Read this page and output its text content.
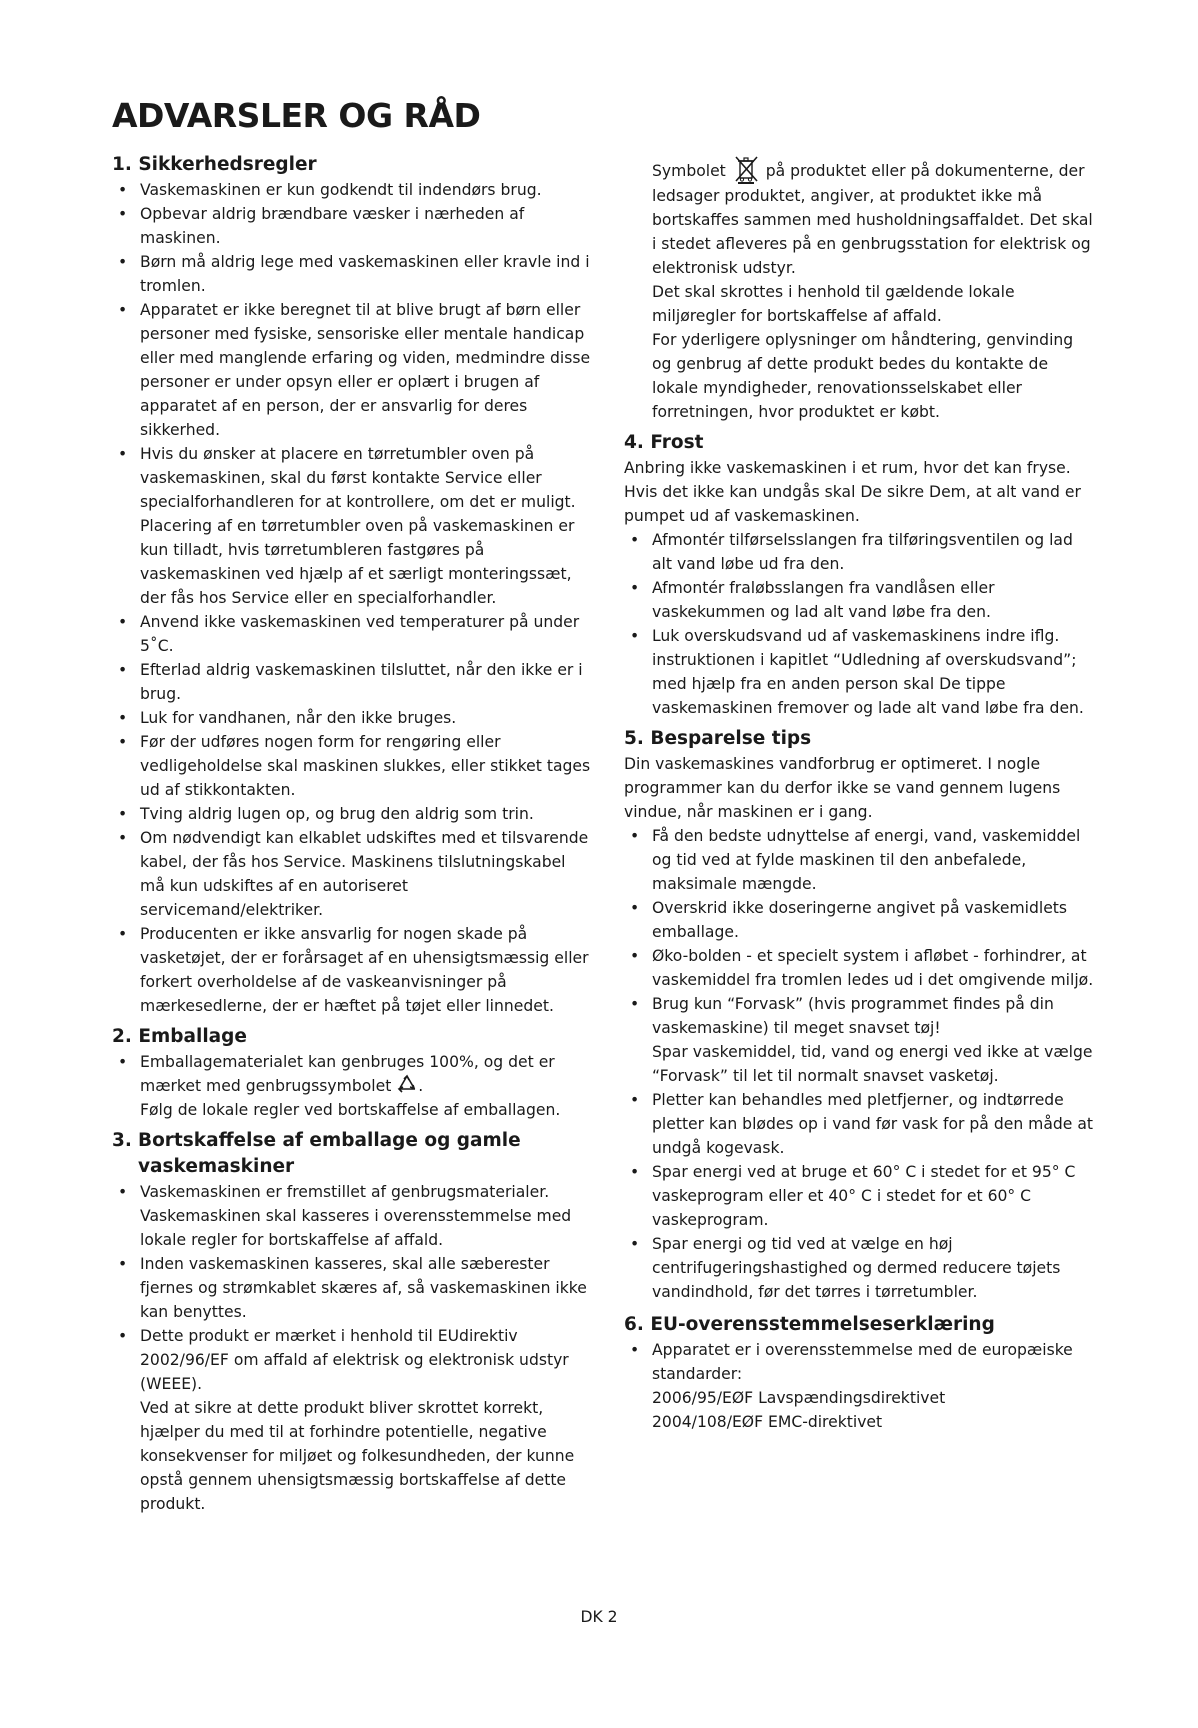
ADVARSLER OG RÅD
1. Sikkerhedsregler
• Vaskemaskinen er kun godkendt til indendørs brug.
• Opbevar aldrig brændbare væsker i nærheden af maskinen.
• Børn må aldrig lege med vaskemaskinen eller kravle ind i tromlen.
• Apparatet er ikke beregnet til at blive brugt af børn eller personer med fysiske, sensoriske eller mentale handicap eller med manglende erfaring og viden, medmindre disse personer er under opsyn eller er oplært i brugen af apparatet af en person, der er ansvarlig for deres sikkerhed.
• Hvis du ønsker at placere en tørretumbler oven på vaskemaskinen, skal du først kontakte Service eller specialforhandleren for at kontrollere, om det er muligt. Placering af en tørretumbler oven på vaskemaskinen er kun tilladt, hvis tørretumbleren fastgøres på vaskemaskinen ved hjælp af et særligt monteringssæt, der fås hos Service eller en specialforhandler.
• Anvend ikke vaskemaskinen ved temperaturer på under 5˚C.
• Efterlad aldrig vaskemaskinen tilsluttet, når den ikke er i brug.
• Luk for vandhanen, når den ikke bruges.
• Før der udføres nogen form for rengøring eller vedligeholdelse skal maskinen slukkes, eller stikket tages ud af stikkontakten.
• Tving aldrig lugen op, og brug den aldrig som trin.
• Om nødvendigt kan elkablet udskiftes med et tilsvarende kabel, der fås hos Service. Maskinens tilslutningskabel må kun udskiftes af en autoriseret servicemand/elektriker.
• Producenten er ikke ansvarlig for nogen skade på vasketøjet, der er forårsaget af en uhensigtsmæssig eller forkert overholdelse af de vaskeanvisninger på mærkesedlerne, der er hæftet på tøjet eller linnedet.
2. Emballage
• Emballagematerialet kan genbruges 100%, og det er mærket med genbrugssymbolet .
Følg de lokale regler ved bortskaffelse af emballagen.
3. Bortskaffelse af emballage og gamle vaskemaskiner
• Vaskemaskinen er fremstillet af genbrugsmaterialer. Vaskemaskinen skal kasseres i overensstemmelse med lokale regler for bortskaffelse af affald.
• Inden vaskemaskinen kasseres, skal alle sæberester fjernes og strømkablet skæres af, så vaskemaskinen ikke kan benyttes.
• Dette produkt er mærket i henhold til EUdirektiv 2002/96/EF om affald af elektrisk og elektronisk udstyr (WEEE).

Ved at sikre at dette produkt bliver skrottet korrekt, hjælper du med til at forhindre potentielle, negative konsekvenser for miljøet og folkesundheden, der kunne opstå gennem uhensigtsmæssig bortskaffelse af dette produkt.

Symbolet	på produktet eller på dokumenterne, der ledsager produktet, angiver, at produktet ikke må bortskaffes sammen med husholdningsaffaldet. Det skal i stedet afleveres på en genbrugsstation for elektrisk og elektronisk udstyr.

Det skal skrottes i henhold til gældende lokale miljøregler for bortskaffelse af affald.

For yderligere oplysninger om håndtering, genvinding og genbrug af dette produkt bedes du kontakte de lokale myndigheder, renovationsselskabet eller forretningen, hvor produktet er købt.

4. Frost

Anbring ikke vaskemaskinen i et rum, hvor det kan fryse. Hvis det ikke kan undgås skal De sikre Dem, at alt vand er pumpet ud af vaskemaskinen.

• Afmontér tilførselsslangen fra tilføringsventilen og lad alt vand løbe ud fra den.
• Afmontér fraløbsslangen fra vandlåsen eller vaskekummen og lad alt vand løbe fra den.
• Luk overskudsvand ud af vaskemaskinens indre iflg. instruktionen i kapitlet “Udledning af overskudsvand”; med hjælp fra en anden person skal De tippe vaskemaskinen fremover og lade alt vand løbe fra den.
5. Besparelse tips

Din vaskemaskines vandforbrug er optimeret. I nogle programmer kan du derfor ikke se vand gennem lugens vindue, når maskinen er i gang.

• Få den bedste udnyttelse af energi, vand, vaskemiddel og tid ved at fylde maskinen til den anbefalede, maksimale mængde.
• Overskrid ikke doseringerne angivet på vaskemidlets emballage.
• Øko-bolden - et specielt system i afløbet - forhindrer, at vaskemiddel fra tromlen ledes ud i det omgivende miljø.
• Brug kun “Forvask” (hvis programmet findes på din vaskemaskine) til meget snavset tøj!

Spar vaskemiddel, tid, vand og energi ved ikke at vælge “Forvask” til let til normalt snavset vasketøj.

• Pletter kan behandles med pletfjerner, og indtørrede pletter kan blødes op i vand før vask for på den måde at undgå kogevask.
• Spar energi ved at bruge et 60° C i stedet for et 95° C vaskeprogram eller et 40° C i stedet for et 60° C vaskeprogram.
• Spar energi og tid ved at vælge en høj centrifugeringshastighed og dermed reducere tøjets vandindhold, før det tørres i tørretumbler.
6. EU-overensstemmelseserklæring
• Apparatet er i overensstemmelse med de europæiske standarder:

2006/95/EØF Lavspændingsdirektivet

2004/108/EØF EMC-direktivet

DK 2
